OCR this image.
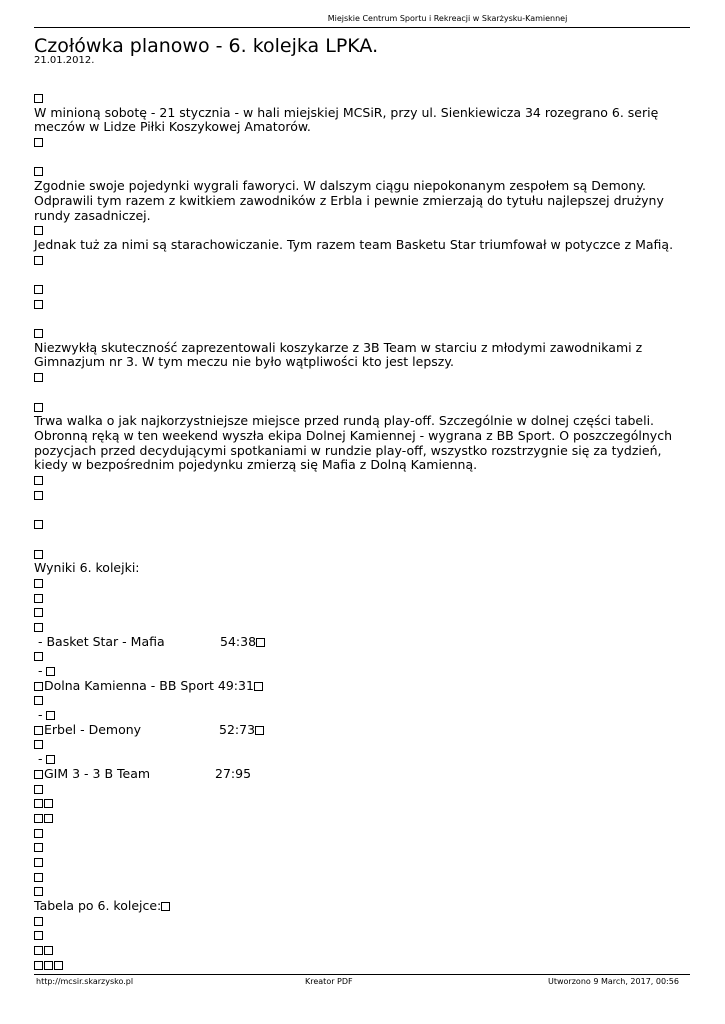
Miejskie Centrum Sportu i Rekreacji w Skarżysku-Kamiennej
Czołówka planowo - 6. kolejka LPKA.
21.01.2012.
W minioną sobotę - 21 stycznia - w hali miejskiej MCSiR, przy ul. Sienkiewicza 34 rozegrano 6. serię meczów w Lidze Piłki Koszykowej Amatorów.
Zgodnie swoje pojedynki wygrali faworyci. W dalszym ciągu niepokonanym zespołem są Demony. Odprawili tym razem z kwitkiem zawodników z Erbla i pewnie zmierzają do tytułu najlepszej drużyny rundy zasadniczej.
Jednak tuż za nimi są starachowiczanie. Tym razem team Basketu Star triumfował w potyczce z Mafią.
Niezwykłą skuteczność zaprezentowali koszykarze z 3B Team w starciu z młodymi zawodnikami z Gimnazjum nr 3. W tym meczu nie było wątpliwości kto jest lepszy.
Trwa walka o jak najkorzystniejsze miejsce przed rundą play-off. Szczególnie w dolnej części tabeli. Obronną ręką w ten weekend wyszła ekipa Dolnej Kamiennej - wygrana z BB Sport. O poszczególnych pozycjach przed decydującymi spotkaniami w rundzie play-off, wszystko rozstrzygnie się za tydzień, kiedy w bezpośrednim pojedynku zmierzą się Mafia z Dolną Kamienną.
Wyniki 6. kolejki:
- Basket Star - Mafia	54:38
-
Dolna Kamienna - BB Sport 49:31
-
Erbel - Demony	52:73
-
GIM 3 - 3 B Team	27:95
Tabela po 6. kolejce:
http://mcsir.skarzysko.pl	Kreator PDF	Utworzono 9 March, 2017, 00:56
